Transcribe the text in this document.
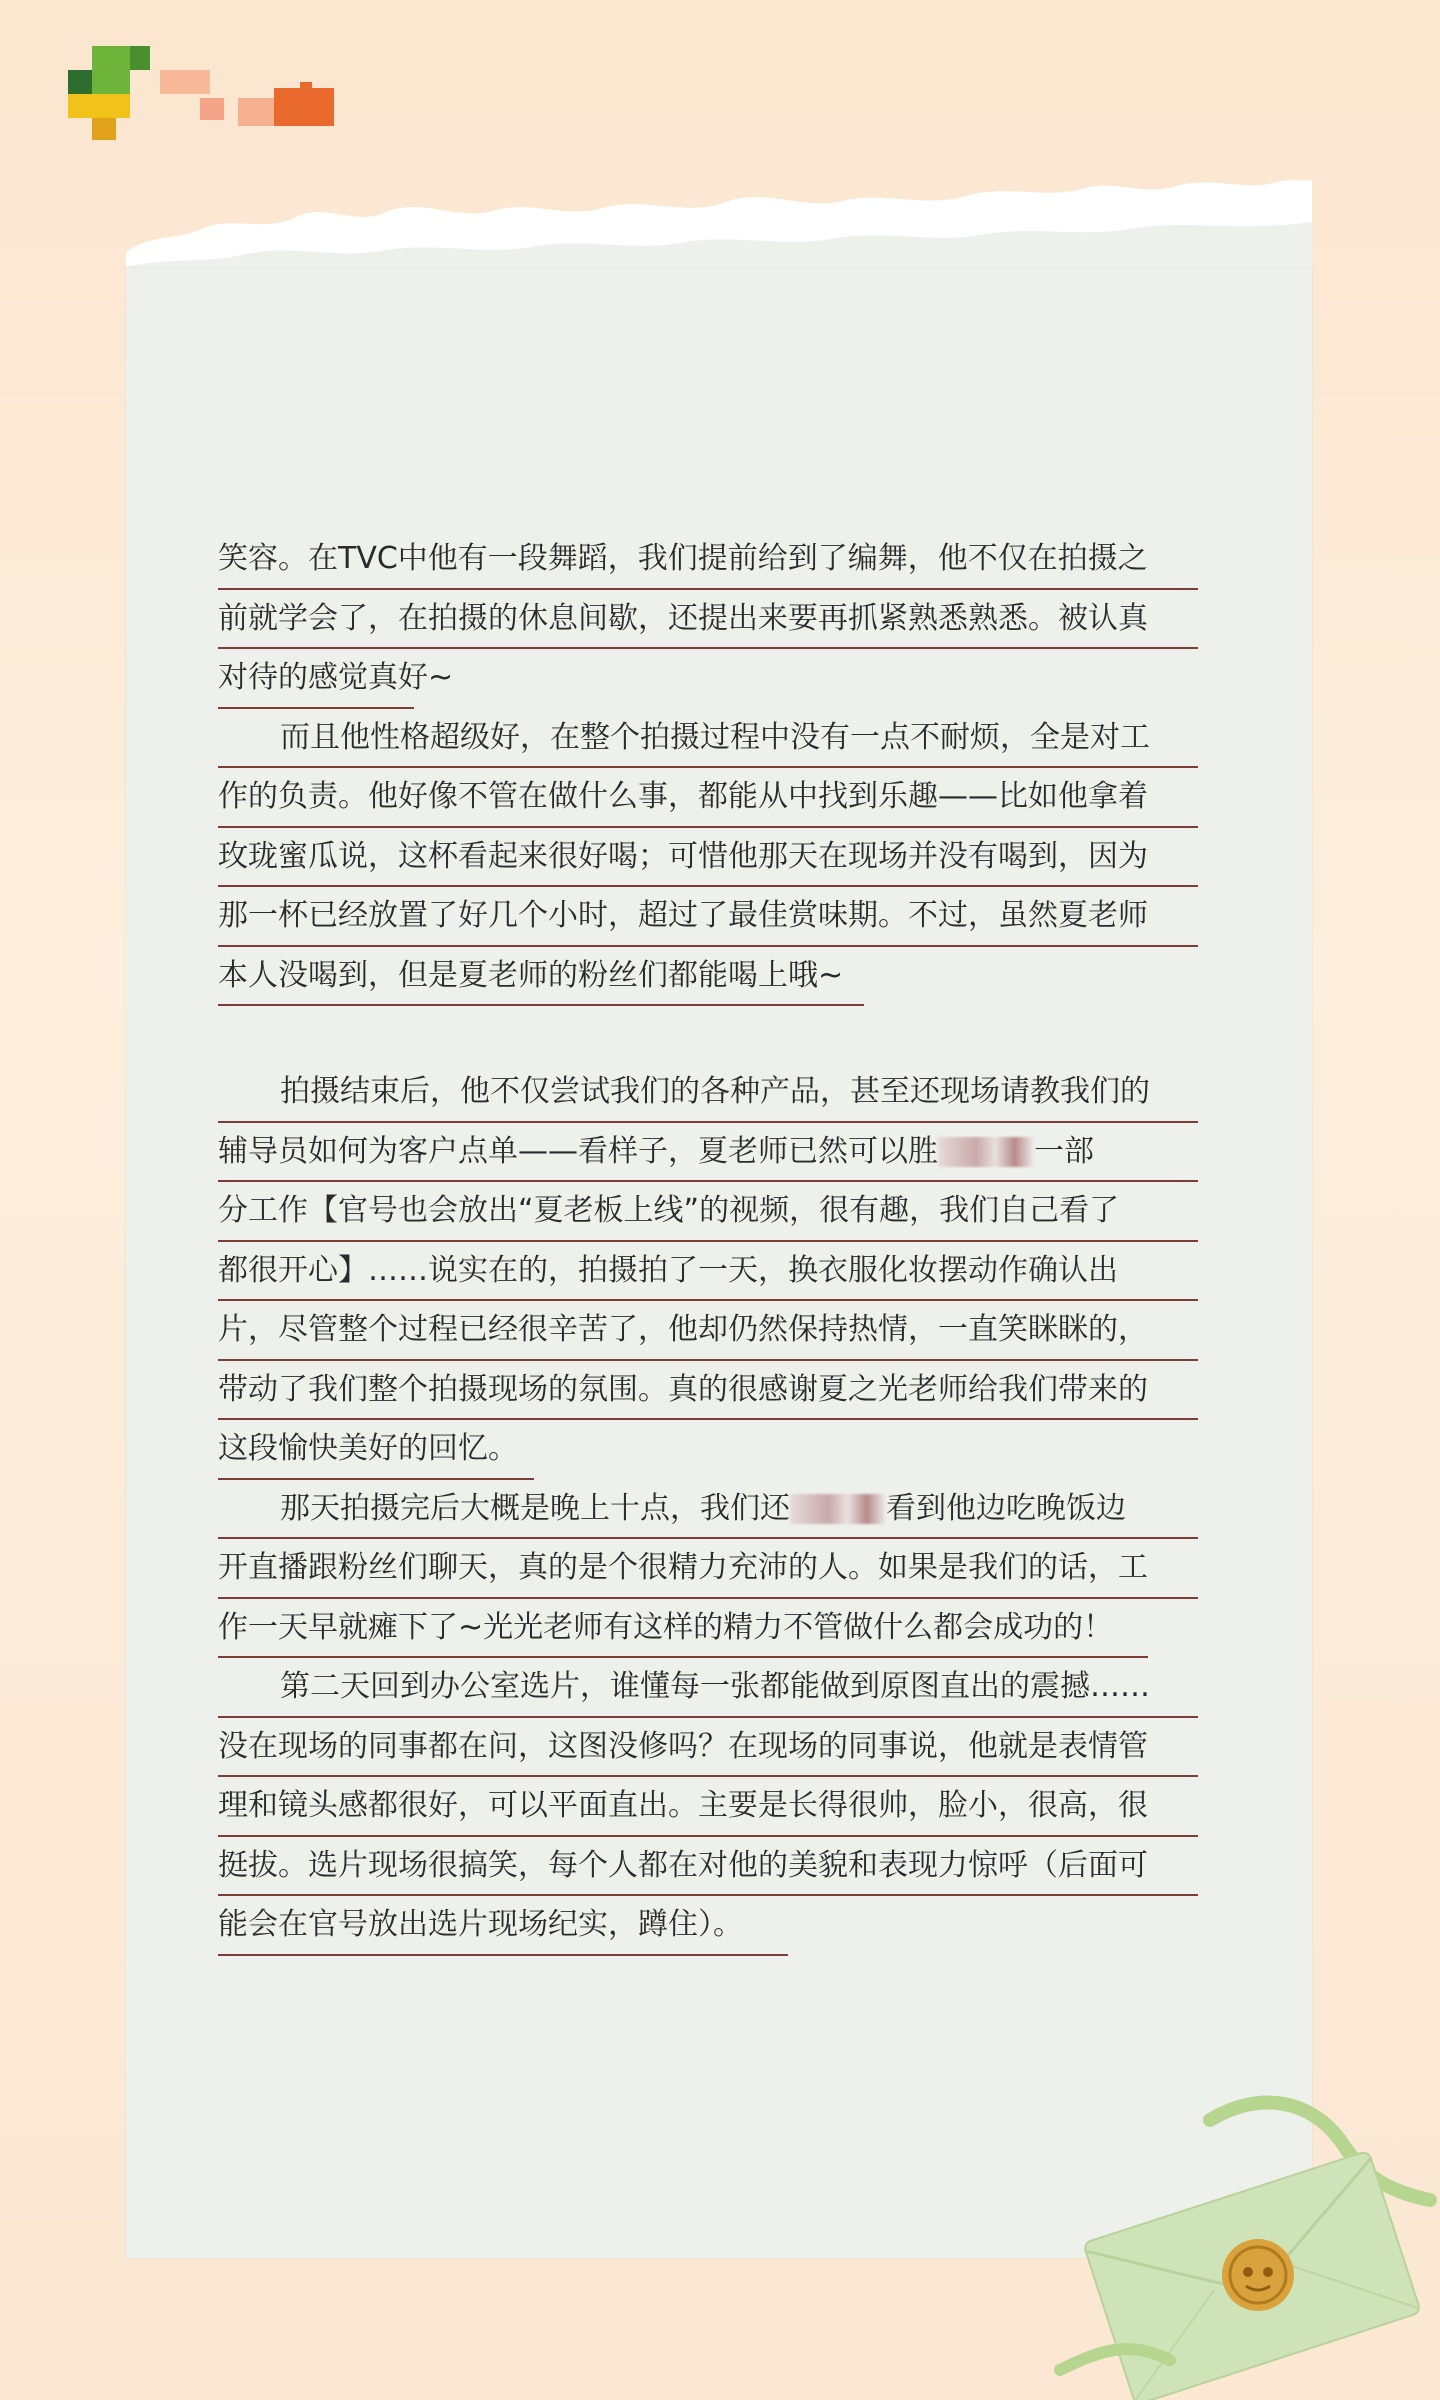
笑容。在TVC中他有一段舞蹈，我们提前给到了编舞，他不仅在拍摄之
前就学会了，在拍摄的休息间歇，还提出来要再抓紧熟悉熟悉。被认真
对待的感觉真好~
而且他性格超级好，在整个拍摄过程中没有一点不耐烦，全是对工
作的负责。他好像不管在做什么事，都能从中找到乐趣——比如他拿着
玫珑蜜瓜说，这杯看起来很好喝；可惜他那天在现场并没有喝到，因为
那一杯已经放置了好几个小时，超过了最佳赏味期。不过，虽然夏老师
本人没喝到，但是夏老师的粉丝们都能喝上哦~
拍摄结束后，他不仅尝试我们的各种产品，甚至还现场请教我们的
辅导员如何为客户点单——看样子，夏老师已然可以胜	一部
分工作【官号也会放出“夏老板上线”的视频，很有趣，我们自己看了
都很开心】……说实在的，拍摄拍了一天，换衣服化妆摆动作确认出
片，尽管整个过程已经很辛苦了，他却仍然保持热情，一直笑眯眯的，
带动了我们整个拍摄现场的氛围。真的很感谢夏之光老师给我们带来的
这段愉快美好的回忆。
那天拍摄完后大概是晚上十点，我们还	看到他边吃晚饭边
开直播跟粉丝们聊天，真的是个很精力充沛的人。如果是我们的话，工
作一天早就瘫下了~光光老师有这样的精力不管做什么都会成功的！
第二天回到办公室选片，谁懂每一张都能做到原图直出的震撼……
没在现场的同事都在问，这图没修吗？在现场的同事说，他就是表情管
理和镜头感都很好，可以平面直出。主要是长得很帅，脸小，很高，很
挺拔。选片现场很搞笑，每个人都在对他的美貌和表现力惊呼（后面可
能会在官号放出选片现场纪实，蹲住）。
